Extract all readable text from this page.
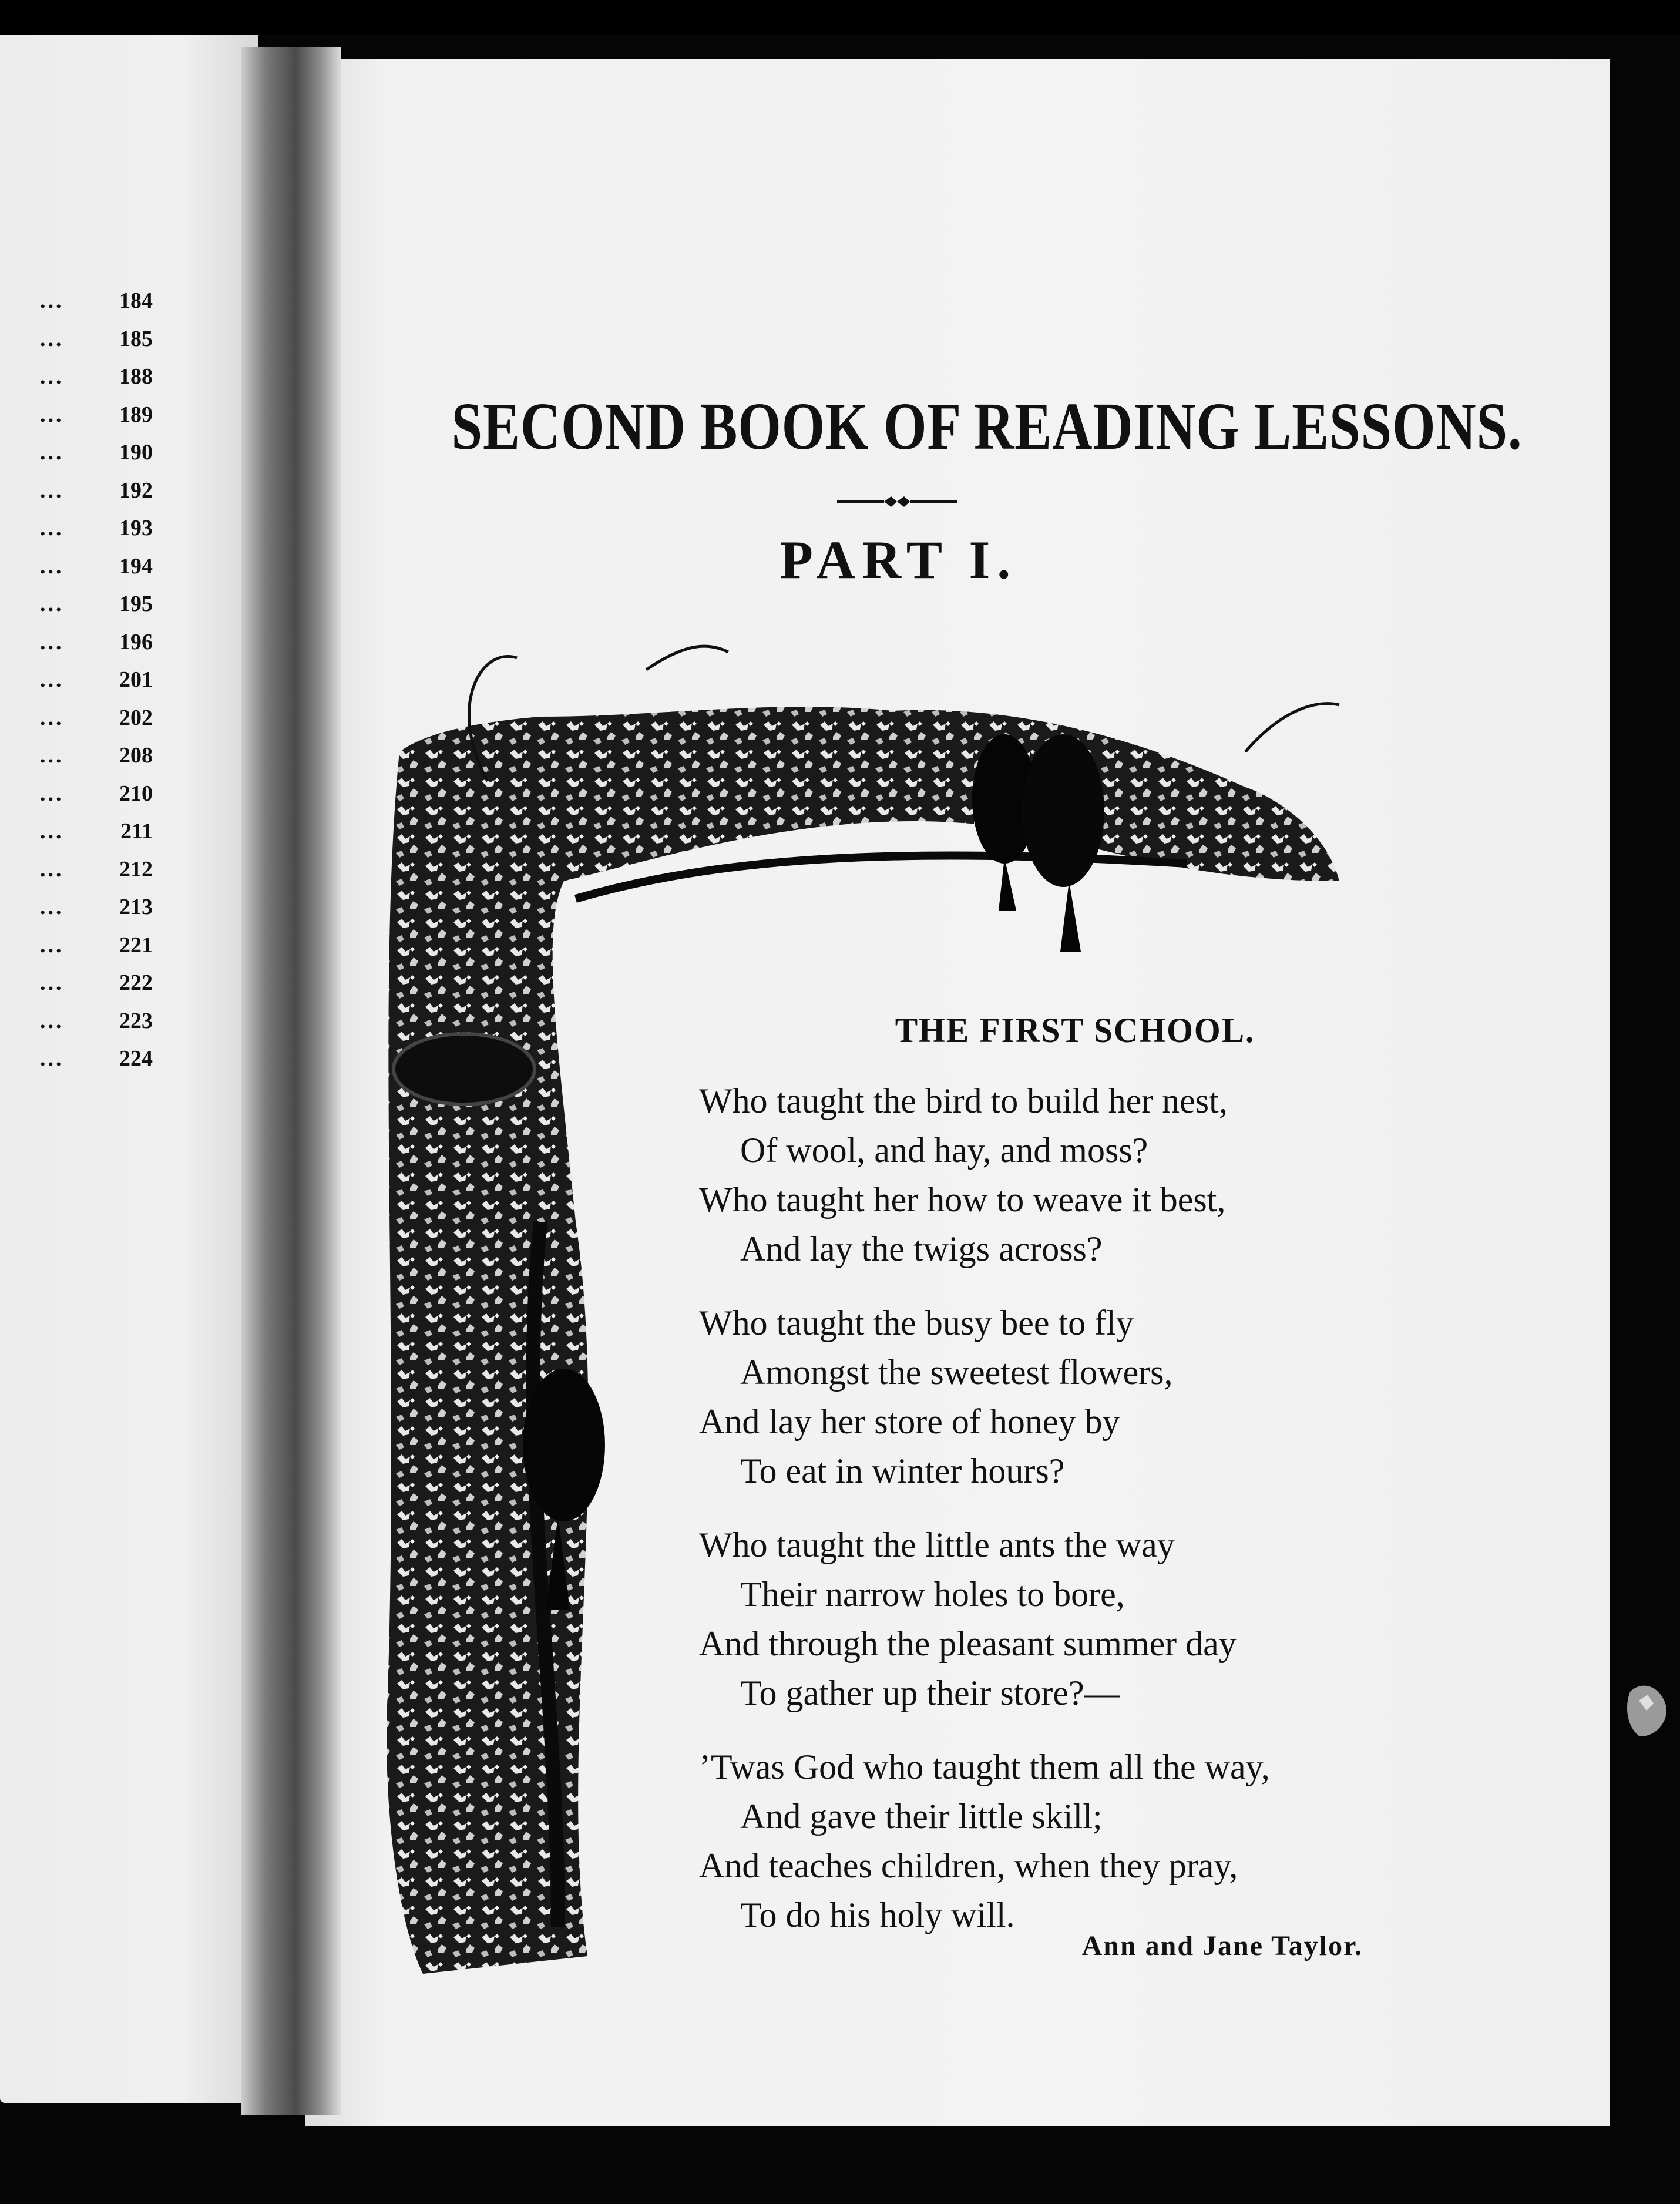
... 184
... 185
... 188
... 189
... 190
... 192
... 193
... 194
... 195
... 196
... 201
... 202
... 208
... 210
...	211
... 212
... 213
... 221
... 222
... 223
... 224
SECOND BOOK OF READING LESSONS.
PART I.
THE FIRST SCHOOL.
Who taught the bird to build her nest,
Of wool, and hay, and moss?
Who taught her how to weave it best,
And lay the twigs across?
Who taught the busy bee to fly
Amongst the sweetest flowers,
And lay her store of honey by
To eat in winter hours?
Who taught the little ants the way
Their narrow holes to bore,
And through the pleasant summer day
To gather up their store?—
’Twas God who taught them all the way,
And gave their little skill;
And teaches children, when they pray,
To do his holy will.
Ann and Jane Taylor.
